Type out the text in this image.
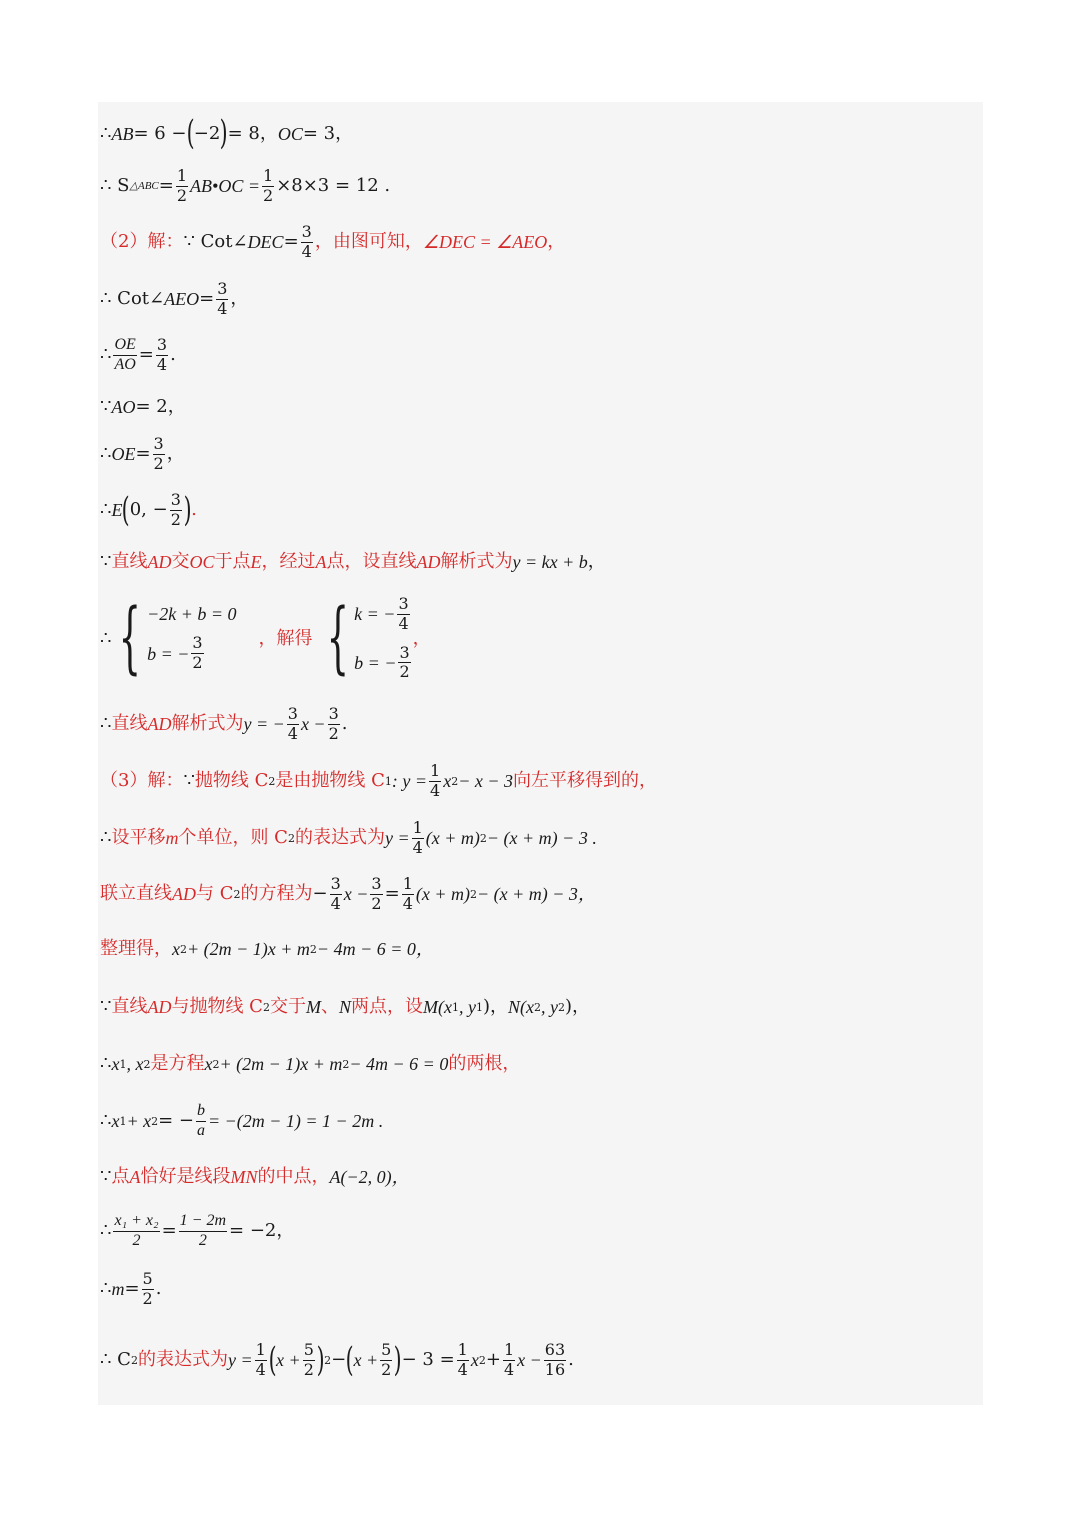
∴ AB = 6 − ( −2 ) = 8， OC = 3，
∴ S △ABC = $\frac{1}{2}$ AB•OC = $\frac{1}{2} \times 8\times 3 = 12$ .
（2）解： ∵ Cot∠ DEC = $\frac{3}{4}$ ，由图可知， ∠DEC = ∠AEO ，
∴ Cot∠ AEO = $\frac{3}{4}$ ，
∴ $\frac{OE}{AO} = \frac{3}{4}$ .
∵ AO = 2，
∴ OE = $\frac{3}{2}$ ，
∴ E ( 0, − $\frac{3}{2}$ ) .
∵ 直线 AD 交 OC 于点 E ，经过 A 点，设直线 AD 解析式为 y = kx + b ，
∴ { −2k + b = 0
b = − $\frac{3}{2}$	，解得 { k = − $\frac{3}{4}$
b = − $\frac{3}{2}$
，
∴ 直线 AD 解析式为 y = − $\frac{3}{4}$ $x - \frac{3}{2}$ .
（3）解： ∵ 抛物线 C 2 是由抛物线 C 1 : $y = \frac{1}{4}$ x 2 − x − 3 向左平移得到的，
∴ 设平移 m 个单位，则 C 2 的表达式为 $y = \frac{1}{4} (x + m) 2 - (x + m) - 3$ .
联立直线 AD 与 C 2 的方程为 − $\frac{3}{4}$ $x - \frac{3}{2} = \frac{1}{4} (x + m) 2 - (x + m) - 3$，
整理得， x 2 + (2m − 1)x + m 2 − 4m − 6 = 0，
∵ 直线 AD 与抛物线 C 2 交于 M 、 N 两点，设 M(x 1 , y 1 )， N(x 2 , y 2 )，
∴ x 1 , x 2 是方程 x 2 + (2m − 1)x + m 2 − 4m − 6 = 0 的两根，
∴ x 1 + x 2 = − $\frac{b}{a} = -(2m - 1) = 1 - 2m$ .
∵ 点 A 恰好是线段 MN 的中点， A(−2, 0)，
∴ $\frac{\text{x₁ + x₂}}{2} = \frac{1 - 2m}{2} = -2$，
∴ $m = \frac{5}{2}$ .
∴ C 2 的表达式为 $y = \frac{1}{4}$ ( $x + \frac{5}{2}$ ) 2 − ( $x + \frac{5}{2}$ ) − $3 = \frac{1}{4}$ x $2 + \frac{1}{4}$ $x - \frac{63}{16}$ .
